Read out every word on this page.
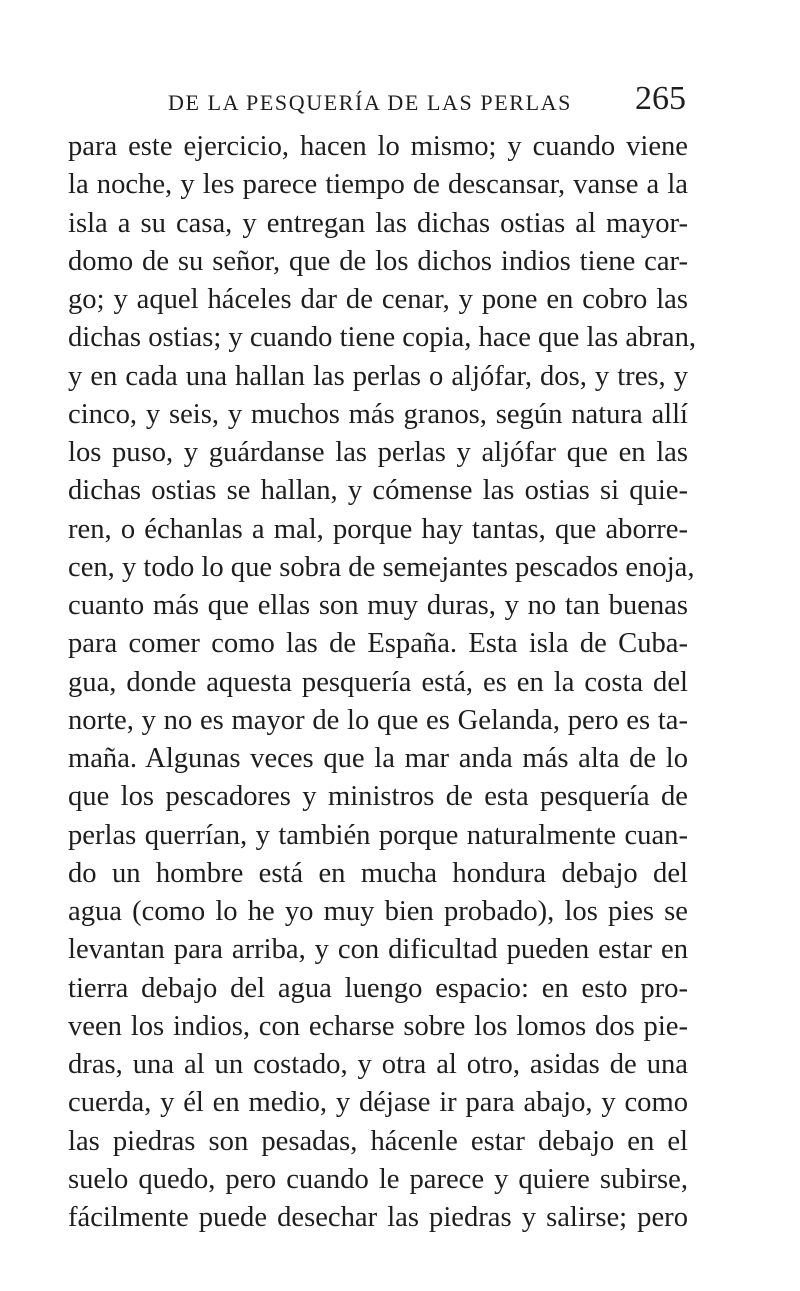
DE LA PESQUERÍA DE LAS PERLAS 265
para este ejercicio, hacen lo mismo; y cuando viene
la noche, y les parece tiempo de descansar, vanse a la
isla a su casa, y entregan las dichas ostias al mayor-
domo de su señor, que de los dichos indios tiene car-
go; y aquel háceles dar de cenar, y pone en cobro las
dichas ostias; y cuando tiene copia, hace que las abran,
y en cada una hallan las perlas o aljófar, dos, y tres, y
cinco, y seis, y muchos más granos, según natura allí
los puso, y guárdanse las perlas y aljófar que en las
dichas ostias se hallan, y cómense las ostias si quie-
ren, o échanlas a mal, porque hay tantas, que aborre-
cen, y todo lo que sobra de semejantes pescados enoja,
cuanto más que ellas son muy duras, y no tan buenas
para comer como las de España. Esta isla de Cuba-
gua, donde aquesta pesquería está, es en la costa del
norte, y no es mayor de lo que es Gelanda, pero es ta-
maña. Algunas veces que la mar anda más alta de lo
que los pescadores y ministros de esta pesquería de
perlas querrían, y también porque naturalmente cuan-
do un hombre está en mucha hondura debajo del
agua (como lo he yo muy bien probado), los pies se
levantan para arriba, y con dificultad pueden estar en
tierra debajo del agua luengo espacio: en esto pro-
veen los indios, con echarse sobre los lomos dos pie-
dras, una al un costado, y otra al otro, asidas de una
cuerda, y él en medio, y déjase ir para abajo, y como
las piedras son pesadas, hácenle estar debajo en el
suelo quedo, pero cuando le parece y quiere subirse,
fácilmente puede desechar las piedras y salirse; pero
